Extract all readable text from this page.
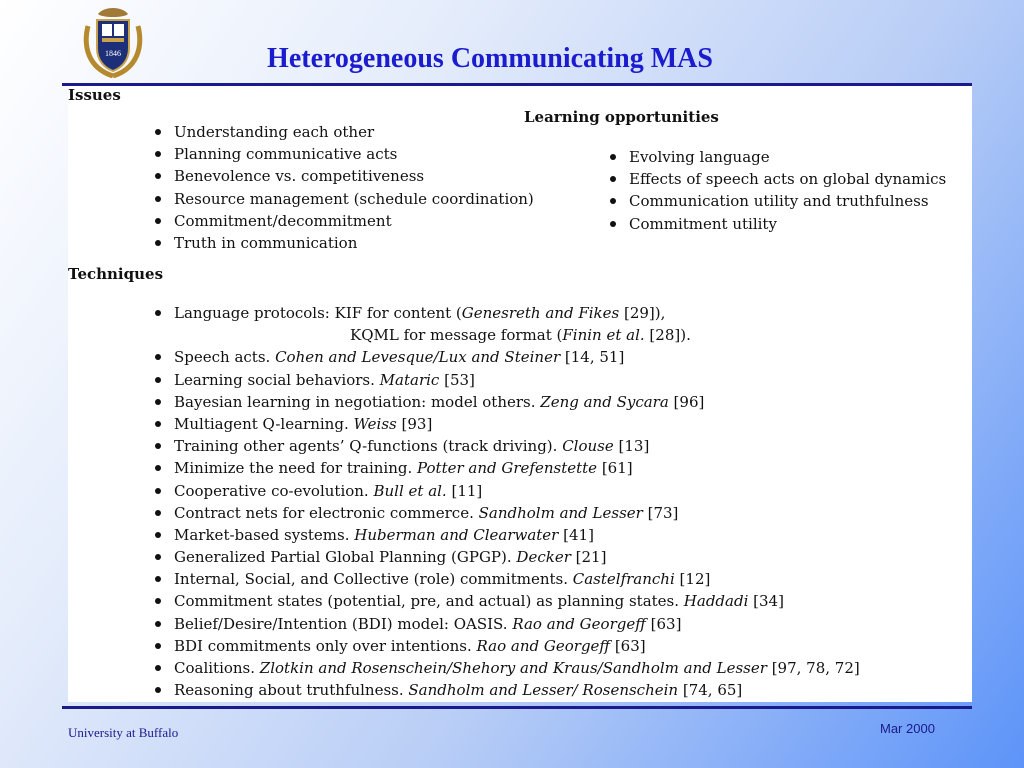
1846	Heterogeneous Communicating MAS
Issues
Understanding each other
Planning communicative acts
Benevolence vs. competitiveness
Resource management (schedule coordination)
Commitment/decommitment
Truth in communication
Learning opportunities
Evolving language
Effects of speech acts on global dynamics
Communication utility and truthfulness
Commitment utility
Techniques
Language protocols: KIF for content (Genesreth and Fikes [29]),
KQML for message format (Finin et al. [28]).
Speech acts. Cohen and Levesque/Lux and Steiner [14, 51]
Learning social behaviors. Mataric [53]
Bayesian learning in negotiation: model others. Zeng and Sycara [96]
Multiagent Q-learning. Weiss [93]
Training other agents’ Q-functions (track driving). Clouse [13]
Minimize the need for training. Potter and Grefenstette [61]
Cooperative co-evolution. Bull et al. [11]
Contract nets for electronic commerce. Sandholm and Lesser [73]
Market-based systems. Huberman and Clearwater [41]
Generalized Partial Global Planning (GPGP). Decker [21]
Internal, Social, and Collective (role) commitments. Castelfranchi [12]
Commitment states (potential, pre, and actual) as planning states. Haddadi [34]
Belief/Desire/Intention (BDI) model: OASIS. Rao and Georgeff [63]
BDI commitments only over intentions. Rao and Georgeff [63]
Coalitions. Zlotkin and Rosenschein/Shehory and Kraus/Sandholm and Lesser [97, 78, 72]
Reasoning about truthfulness. Sandholm and Lesser/ Rosenschein [74, 65]
University at Buffalo	Mar 2000
